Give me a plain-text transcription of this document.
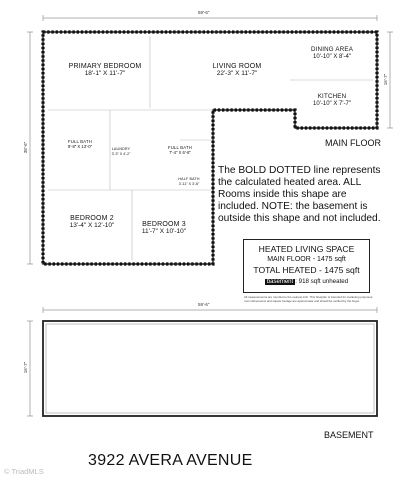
59'-6"
38'-6"
16'-7"
59'-6"
16'-7"
PRIMARY BEDROOM
18'-1" X 11'-7"
LIVING ROOM
22'-3" X 11'-7"
DINING AREA
10'-10" X 8'-4"
KITCHEN
10'-10" X 7'-7"
FULL BATH
9'-8" X 13'-0"	LAUNDRY
3'-3" X 4'-2"
FULL BATH
7'-4" X 6'-8"
HALF BATH
3'-11" X 3'-6"
BEDROOM 2
13'-4" X 12'-10"	BEDROOM 3
11'-7" X 10'-10"
MAIN FLOOR
The BOLD DOTTED line represents the calculated heated area. ALL Rooms inside this shape are included. NOTE: the basement is outside this shape and not included.
HEATED LIVING SPACE
MAIN FLOOR - 1475 sqft
TOTAL HEATED - 1475 sqft
basement : 918 sqft unheated
All measurements are rounded to the nearest inch. This floorplan is intended for marketing purposes; room dimensions and square footage are approximate and should be verified by the buyer.
BASEMENT
3922 AVERA AVENUE
© TriadMLS
